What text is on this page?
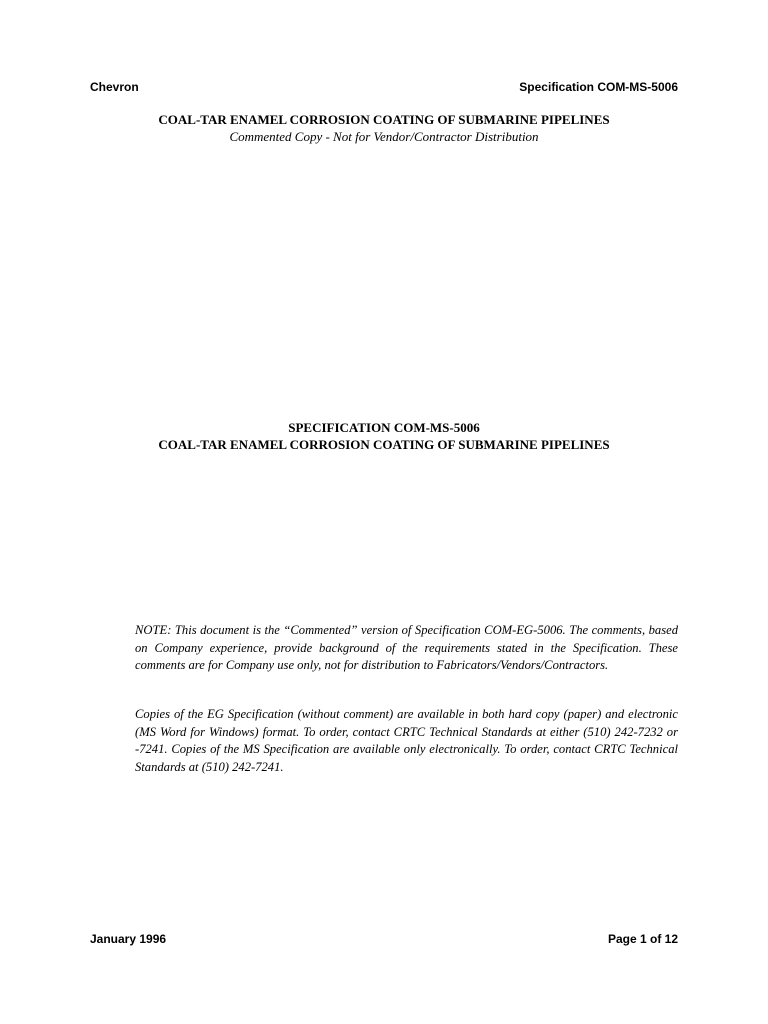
Chevron	Specification COM-MS-5006
COAL-TAR ENAMEL CORROSION COATING OF SUBMARINE PIPELINES
Commented Copy - Not for Vendor/Contractor Distribution
SPECIFICATION COM-MS-5006
COAL-TAR ENAMEL CORROSION COATING OF SUBMARINE PIPELINES

NOTE: This document is the “Commented” version of Specification COM-EG-5006. The comments, based on Company experience, provide background of the requirements stated in the Specification. These comments are for Company use only, not for distribution to Fabricators/Vendors/Contractors.

Copies of the EG Specification (without comment) are available in both hard copy (paper) and electronic (MS Word for Windows) format. To order, contact CRTC Technical Standards at either (510) 242-7232 or -7241. Copies of the MS Specification are available only electronically. To order, contact CRTC Technical Standards at (510) 242-7241.

January 1996	Page 1 of 12
